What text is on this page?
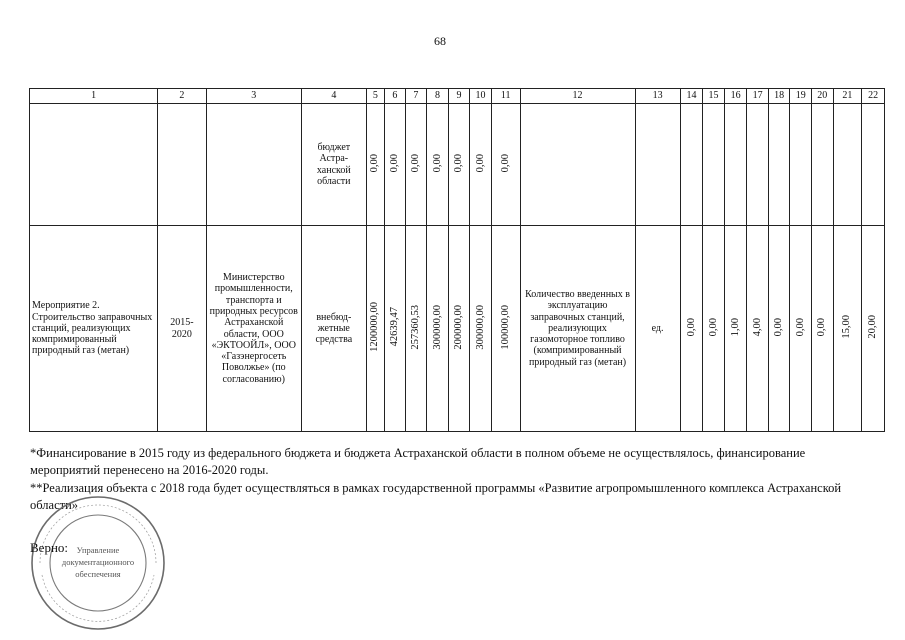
68
1	2	3	4	5	6	7	8	9	10	11	12	13	14	15	16	17	18	19	20	21	22
			бюджет Астра- ханской области	0,00	0,00	0,00	0,00	0,00	0,00	0,00											
Мероприятие 2. Строительство заправочных станций, реализующих компримированный природный газ (метан)	2015- 2020	Министерство промышленности, транспорта и природных ресурсов Астраханской области, ООО «ЭКТООЙЛ», ООО «Газэнергосеть Поволжье» (по согласованию)	внебюд- жетные средства	1200000,00	42639,47	257360,53	300000,00	200000,00	300000,00	100000,00	Количество введенных в эксплуатацию заправочных станций, реализующих газомоторное топливо (компримированный природный газ (метан)	ед.	0,00	0,00	1,00	4,00	0,00	0,00	0,00	15,00	20,00

*Финансирование в 2015 году из федерального бюджета и бюджета Астраханской области в полном объеме не осуществлялось, финансирование мероприятий перенесено на 2016-2020 годы.

**Реализация объекта с 2018 года будет осуществляться в рамках государственной программы «Развитие агропромышленного комплекса Астраханской области»

Управление
документационного
обеспечения
Верно:
